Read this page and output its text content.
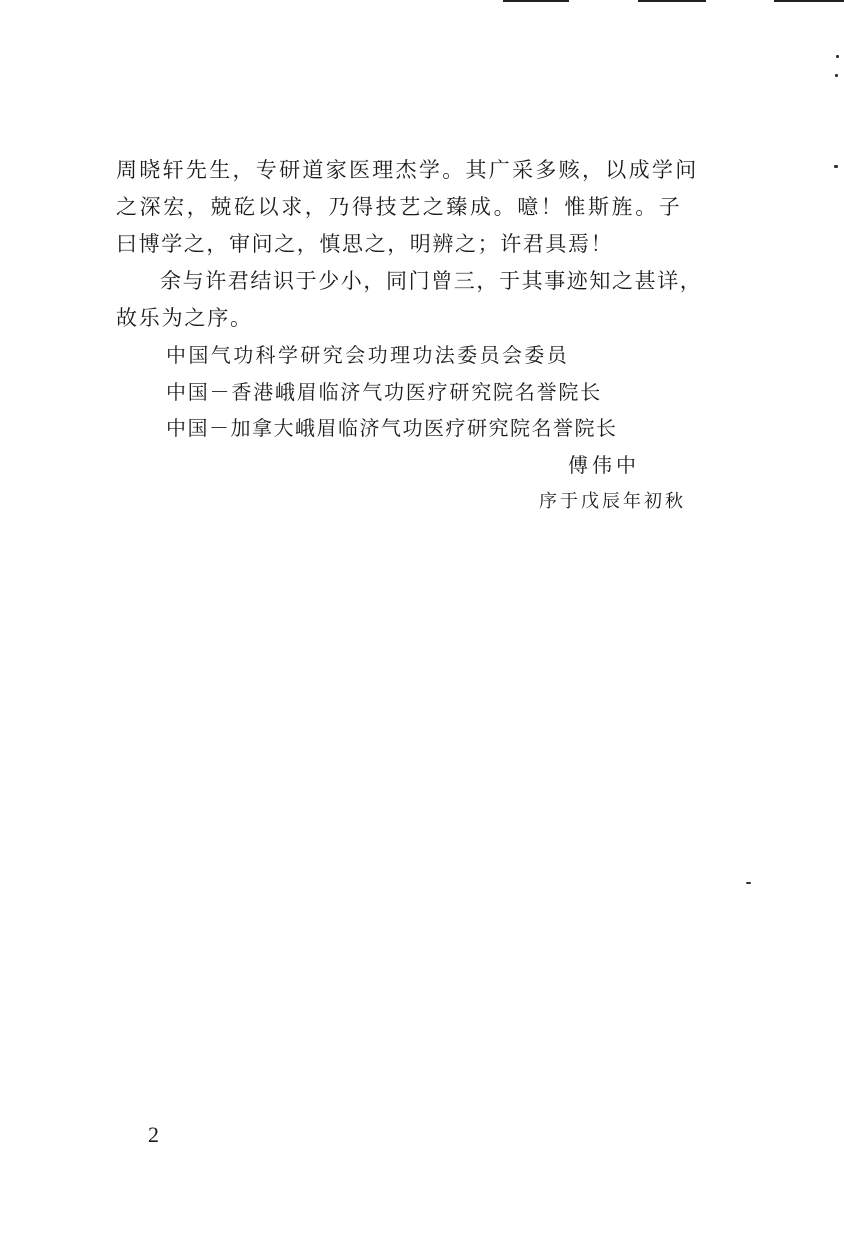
周晓轩先生，专研道家医理杰学。其广采多赅，以成学问
之深宏，兢矻以求，乃得技艺之臻成。噫！惟斯旌。子
曰博学之，审问之，慎思之，明辨之；许君具焉！
余与许君结识于少小，同门曾三，于其事迹知之甚详，
故乐为之序。
中国气功科学研究会功理功法委员会委员
中国－香港峨眉临济气功医疗研究院名誉院长
中国－加拿大峨眉临济气功医疗研究院名誉院长
傅伟中
序于戊辰年初秋
2
